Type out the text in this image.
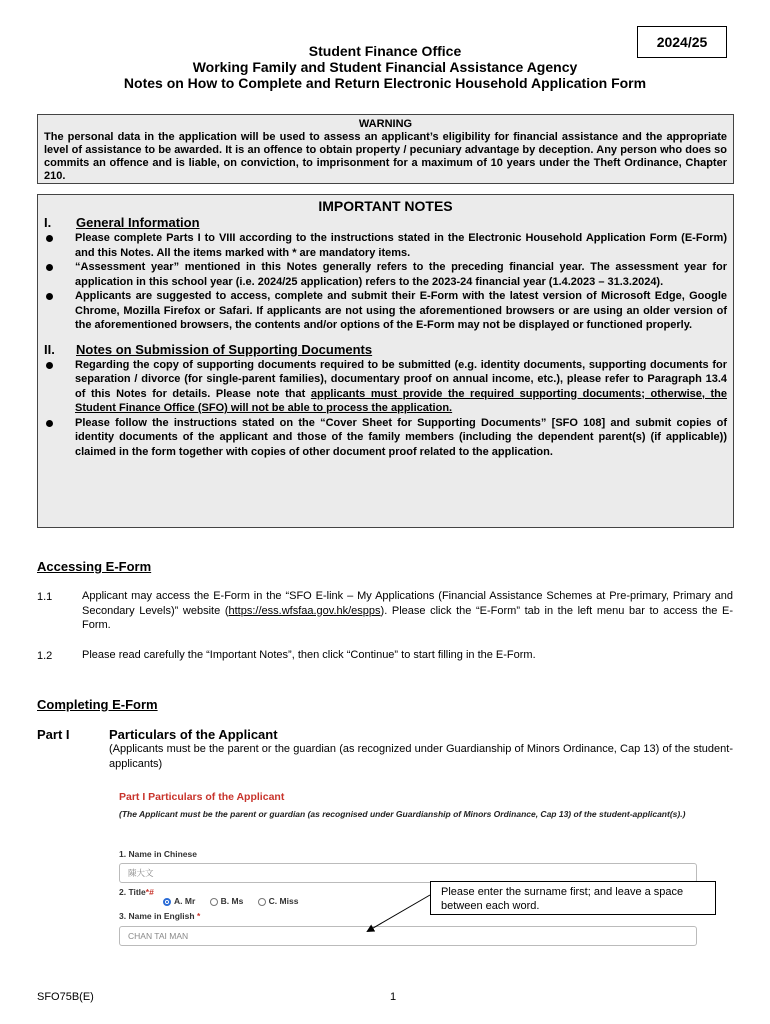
2024/25
Student Finance Office
Working Family and Student Financial Assistance Agency
Notes on How to Complete and Return Electronic Household Application Form
WARNING
The personal data in the application will be used to assess an applicant’s eligibility for financial assistance and the appropriate level of assistance to be awarded. It is an offence to obtain property / pecuniary advantage by deception. Any person who does so commits an offence and is liable, on conviction, to imprisonment for a maximum of 10 years under the Theft Ordinance, Chapter 210.
IMPORTANT NOTES
I. General Information
Please complete Parts I to VIII according to the instructions stated in the Electronic Household Application Form (E-Form) and this Notes. All the items marked with * are mandatory items.
“Assessment year” mentioned in this Notes generally refers to the preceding financial year. The assessment year for application in this school year (i.e. 2024/25 application) refers to the 2023-24 financial year (1.4.2023 – 31.3.2024).
Applicants are suggested to access, complete and submit their E-Form with the latest version of Microsoft Edge, Google Chrome, Mozilla Firefox or Safari. If applicants are not using the aforementioned browsers or are using an older version of the aforementioned browsers, the contents and/or options of the E-Form may not be displayed or functioned properly.
II. Notes on Submission of Supporting Documents
Regarding the copy of supporting documents required to be submitted (e.g. identity documents, supporting documents for separation / divorce (for single-parent families), documentary proof on annual income, etc.), please refer to Paragraph 13.4 of this Notes for details. Please note that applicants must provide the required supporting documents; otherwise, the Student Finance Office (SFO) will not be able to process the application.
Please follow the instructions stated on the “Cover Sheet for Supporting Documents” [SFO 108] and submit copies of identity documents of the applicant and those of the family members (including the dependent parent(s) (if applicable)) claimed in the form together with copies of other document proof related to the application.
Accessing E-Form
1.1	Applicant may access the E-Form in the “SFO E-link – My Applications (Financial Assistance Schemes at Pre-primary, Primary and Secondary Levels)” website (https://ess.wfsfaa.gov.hk/espps). Please click the “E-Form” tab in the left menu bar to access the E-Form.
1.2	Please read carefully the “Important Notes”, then click “Continue” to start filling in the E-Form.
Completing E-Form
Part I	Particulars of the Applicant
(Applicants must be the parent or the guardian (as recognized under Guardianship of Minors Ordinance, Cap 13) of the student-applicants)
Part I Particulars of the Applicant
(The Applicant must be the parent or guardian (as recognised under Guardianship of Minors Ordinance, Cap 13) of the student-applicant(s).)
1. Name in Chinese
陳大文
2. Title*#
A. Mr	B. Ms	C. Miss
3. Name in English *
CHAN TAI MAN
Please enter the surname first; and leave a space between each word.
SFO75B(E)	1
